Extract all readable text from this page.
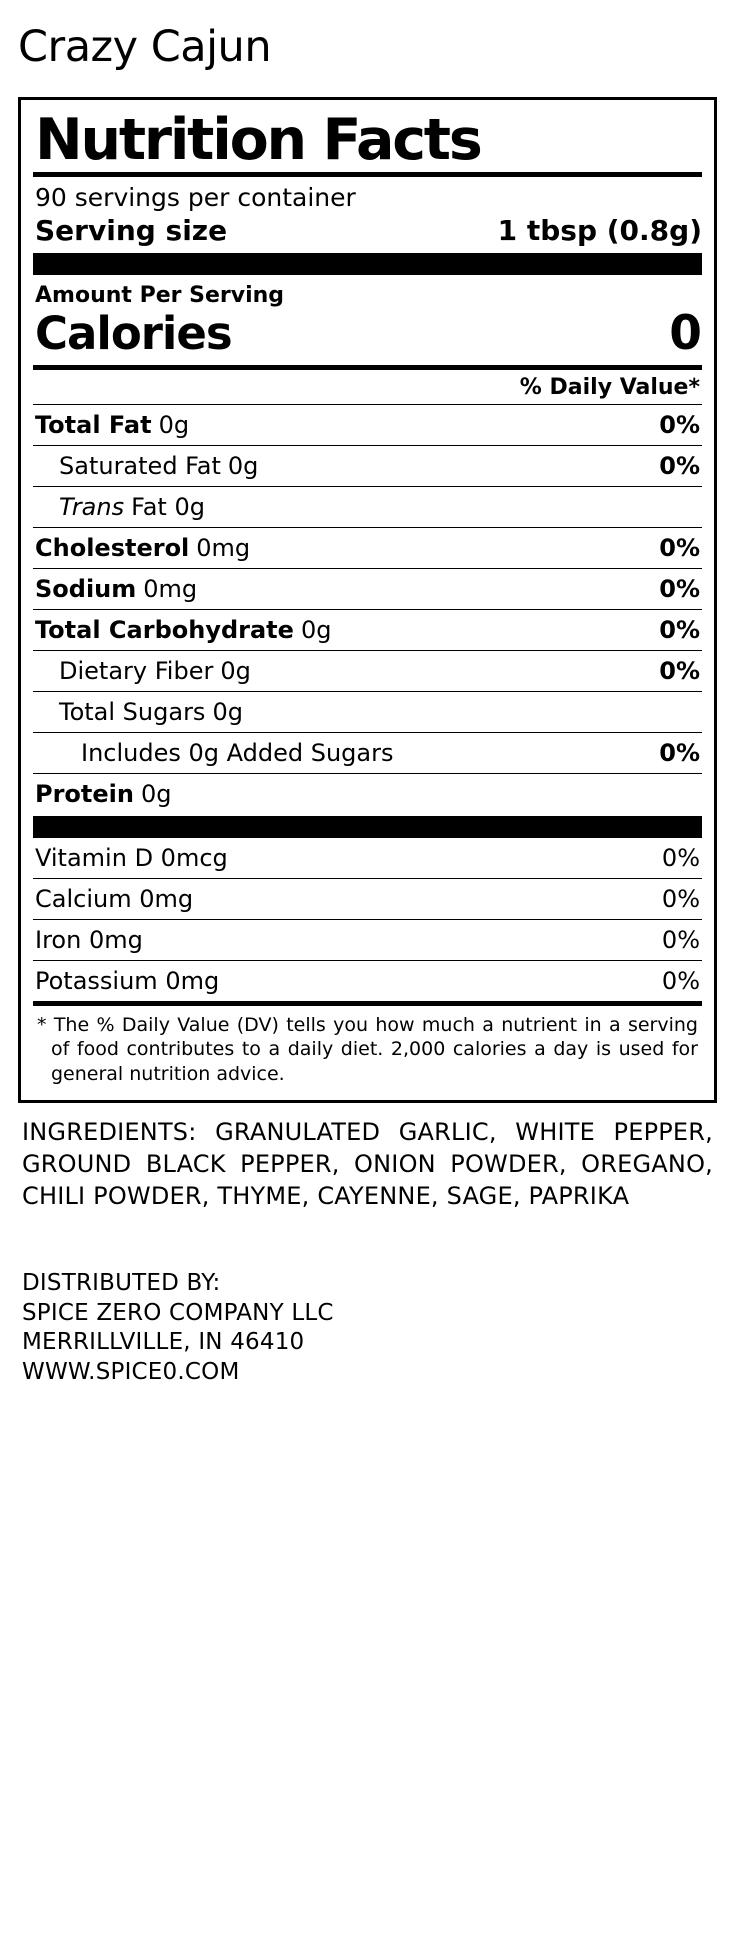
Crazy Cajun
Nutrition Facts
90 servings per container
Serving size	1 tbsp (0.8g)
Amount Per Serving
Calories	0
% Daily Value*
Total Fat 0g	0%
Saturated Fat 0g	0%
Trans Fat 0g
Cholesterol 0mg	0%
Sodium 0mg	0%
Total Carbohydrate 0g	0%
Dietary Fiber 0g	0%
Total Sugars 0g
Includes 0g Added Sugars	0%
Protein 0g
Vitamin D 0mcg	0%
Calcium 0mg	0%
Iron 0mg	0%
Potassium 0mg	0%
* The % Daily Value (DV) tells you how much a nutrient in a serving of food contributes to a daily diet. 2,000 calories a day is used for general nutrition advice.
INGREDIENTS: GRANULATED GARLIC, WHITE PEPPER, GROUND BLACK PEPPER, ONION POWDER, OREGANO, CHILI POWDER, THYME, CAYENNE, SAGE, PAPRIKA
DISTRIBUTED BY:
SPICE ZERO COMPANY LLC
MERRILLVILLE, IN 46410
WWW.SPICE0.COM
